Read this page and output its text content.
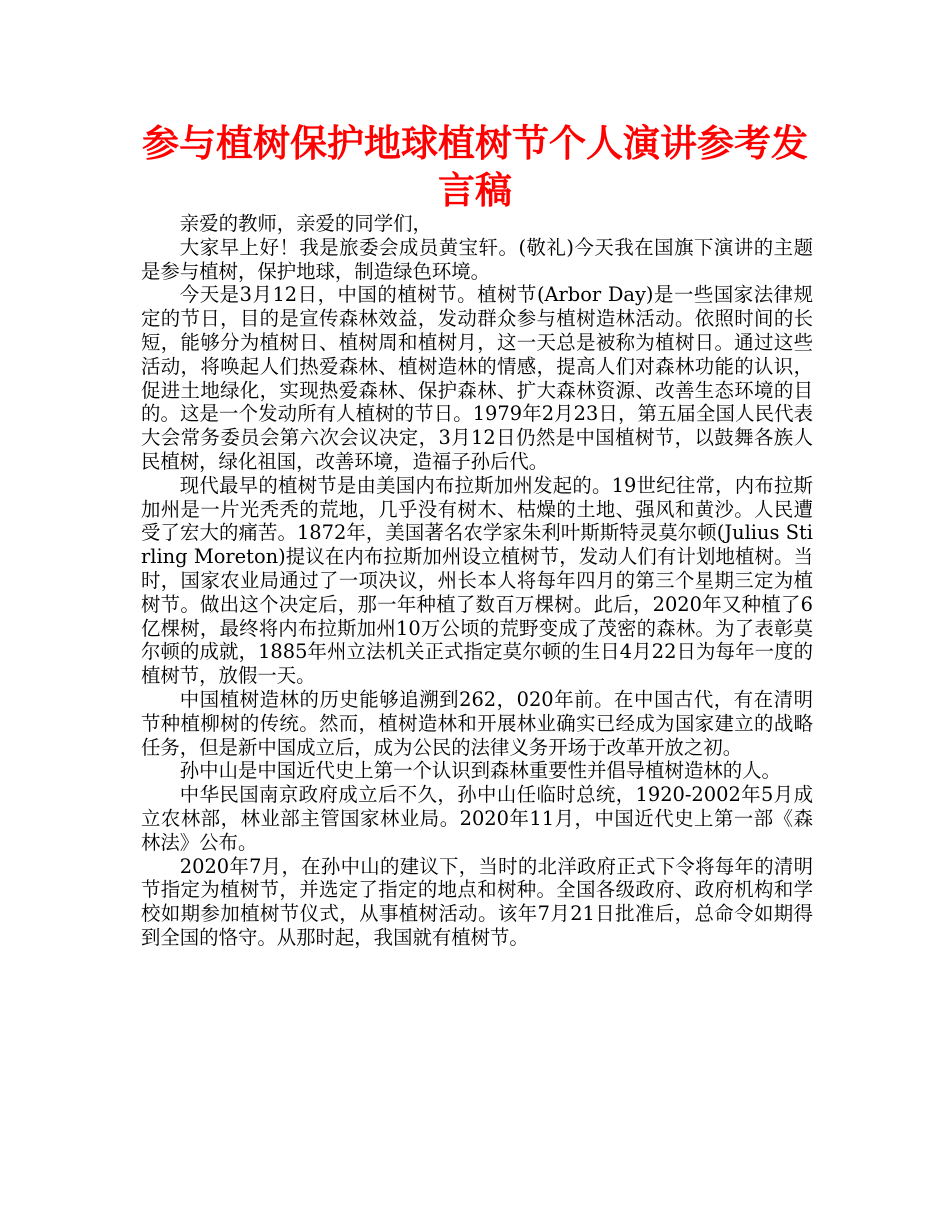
参与植树保护地球植树节个人演讲参考发言稿

亲爱的教师，亲爱的同学们，

大家早上好！我是旅委会成员黄宝轩。(敬礼)今天我在国旗下演讲的主题是参与植树，保护地球，制造绿色环境。

今天是3月12日，中国的植树节。植树节(Arbor Day)是一些国家法律规定的节日，目的是宣传森林效益，发动群众参与植树造林活动。依照时间的长短，能够分为植树日、植树周和植树月，这一天总是被称为植树日。通过这些活动，将唤起人们热爱森林、植树造林的情感，提高人们对森林功能的认识，促进土地绿化，实现热爱森林、保护森林、扩大森林资源、改善生态环境的目的。这是一个发动所有人植树的节日。1979年2月23日，第五届全国人民代表大会常务委员会第六次会议决定，3月12日仍然是中国植树节，以鼓舞各族人民植树，绿化祖国，改善环境，造福子孙后代。

现代最早的植树节是由美国内布拉斯加州发起的。19世纪往常，内布拉斯加州是一片光秃秃的荒地，几乎没有树木、枯燥的土地、强风和黄沙。人民遭受了宏大的痛苦。1872年，美国著名农学家朱利叶斯斯特灵莫尔顿(Julius Stirling Moreton)提议在内布拉斯加州设立植树节，发动人们有计划地植树。当时，国家农业局通过了一项决议，州长本人将每年四月的第三个星期三定为植树节。做出这个决定后，那一年种植了数百万棵树。此后，2020年又种植了6亿棵树，最终将内布拉斯加州10万公顷的荒野变成了茂密的森林。为了表彰莫尔顿的成就，1885年州立法机关正式指定莫尔顿的生日4月22日为每年一度的植树节，放假一天。

中国植树造林的历史能够追溯到262，020年前。在中国古代，有在清明节种植柳树的传统。然而，植树造林和开展林业确实已经成为国家建立的战略任务，但是新中国成立后，成为公民的法律义务开场于改革开放之初。

孙中山是中国近代史上第一个认识到森林重要性并倡导植树造林的人。

中华民国南京政府成立后不久，孙中山任临时总统，1920-2002年5月成立农林部，林业部主管国家林业局。2020年11月，中国近代史上第一部《森林法》公布。

2020年7月，在孙中山的建议下，当时的北洋政府正式下令将每年的清明节指定为植树节，并选定了指定的地点和树种。全国各级政府、政府机构和学校如期参加植树节仪式，从事植树活动。该年7月21日批准后，总命令如期得到全国的恪守。从那时起，我国就有植树节。
